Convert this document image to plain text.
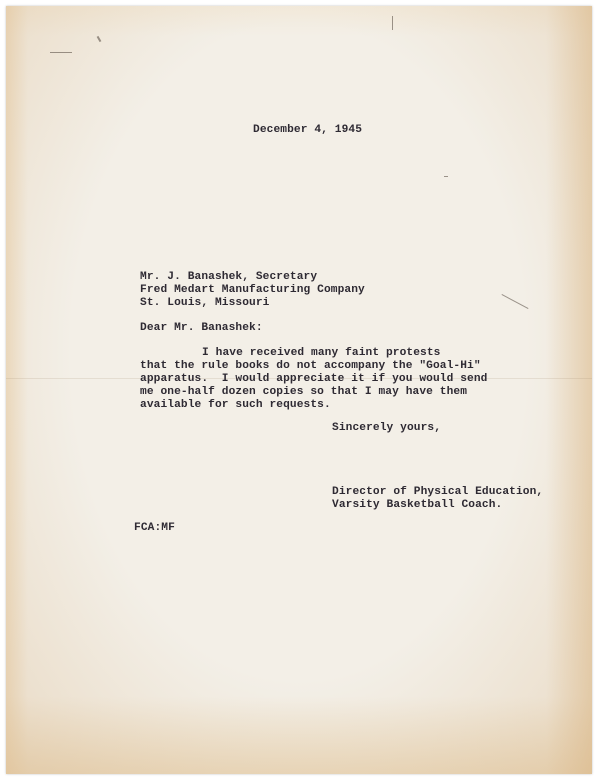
December 4, 1945
Mr. J. Banashek, Secretary
Fred Medart Manufacturing Company
St. Louis, Missouri
Dear Mr. Banashek:
I have received many faint protests
that the rule books do not accompany the "Goal-Hi"
apparatus.  I would appreciate it if you would send
me one-half dozen copies so that I may have them
available for such requests.
Sincerely yours,
Director of Physical Education,
Varsity Basketball Coach.
FCA:MF
